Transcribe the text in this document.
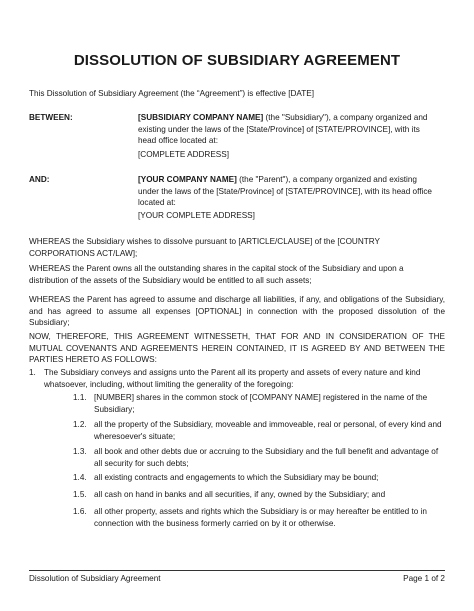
DISSOLUTION OF SUBSIDIARY AGREEMENT
This Dissolution of Subsidiary Agreement (the “Agreement”) is effective [DATE]
BETWEEN:	[SUBSIDIARY COMPANY NAME] (the "Subsidiary"), a company organized and existing under the laws of the [State/Province] of [STATE/PROVINCE], with its head office located at:
[COMPLETE ADDRESS]
AND:	[YOUR COMPANY NAME] (the "Parent"), a company organized and existing under the laws of the [State/Province] of [STATE/PROVINCE], with its head office located at:
[YOUR COMPLETE ADDRESS]
WHEREAS the Subsidiary wishes to dissolve pursuant to [ARTICLE/CLAUSE] of the [COUNTRY CORPORATIONS ACT/LAW];
WHEREAS the Parent owns all the outstanding shares in the capital stock of the Subsidiary and upon a distribution of the assets of the Subsidiary would be entitled to all such assets;
WHEREAS the Parent has agreed to assume and discharge all liabilities, if any, and obligations of the Subsidiary, and has agreed to assume all expenses [OPTIONAL] in connection with the proposed dissolution of the Subsidiary;
NOW, THEREFORE, THIS AGREEMENT WITNESSETH, THAT FOR AND IN CONSIDERATION OF THE MUTUAL COVENANTS AND AGREEMENTS HEREIN CONTAINED, IT IS AGREED BY AND BETWEEN THE PARTIES HERETO AS FOLLOWS:
1. The Subsidiary conveys and assigns unto the Parent all its property and assets of every nature and kind whatsoever, including, without limiting the generality of the foregoing:
1.1. [NUMBER] shares in the common stock of [COMPANY NAME] registered in the name of the Subsidiary;
1.2. all the property of the Subsidiary, moveable and immoveable, real or personal, of every kind and wheresoever's situate;
1.3. all book and other debts due or accruing to the Subsidiary and the full benefit and advantage of all security for such debts;
1.4. all existing contracts and engagements to which the Subsidiary may be bound;
1.5. all cash on hand in banks and all securities, if any, owned by the Subsidiary; and
1.6. all other property, assets and rights which the Subsidiary is or may hereafter be entitled to in connection with the business formerly carried on by it or otherwise.
Dissolution of Subsidiary Agreement	Page 1 of 2
